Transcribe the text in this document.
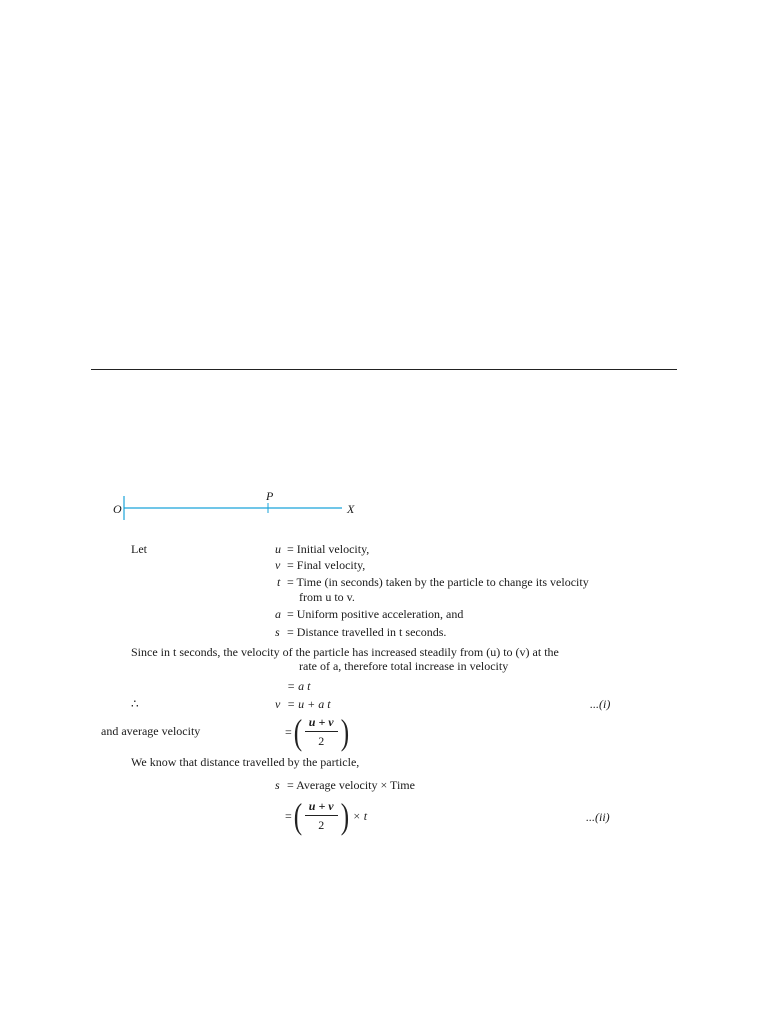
O
P
X
Let	u = Initial velocity,
v = Final velocity,
t = Time (in seconds) taken by the particle to change its velocity
from u to v.
a = Uniform positive acceleration, and
s = Distance travelled in t seconds.
Since in t seconds, the velocity of the particle has increased steadily from (u) to (v) at the
rate of a, therefore total increase in velocity
= a t
∴	v = u + a t	...(i)
and average velocity	= ( $\frac{u + v}{2}$ )
We know that distance travelled by the particle,
s = Average velocity × Time
= ( $\frac{u + v}{2}$ ) × t	...(ii)
